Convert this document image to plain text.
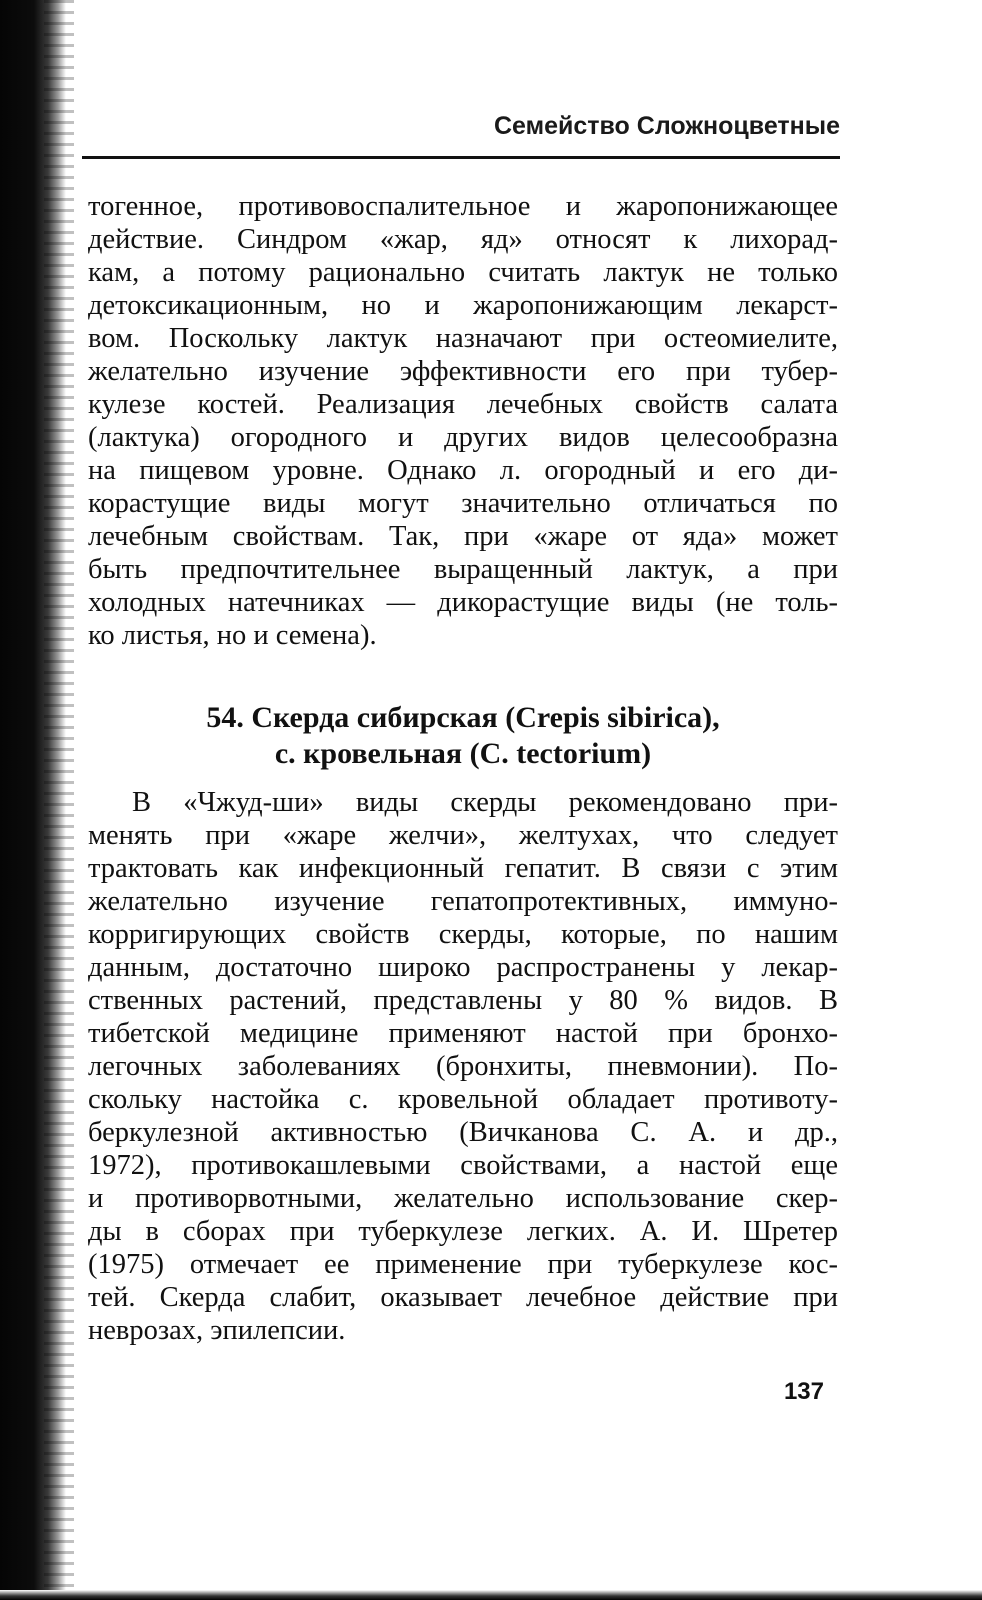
Семейство Сложноцветные
тогенное, противовоспалительное и жаропонижающее
действие. Синдром «жар, яд» относят к лихорад-
кам, а потому рационально считать лактук не только
детоксикационным, но и жаропонижающим лекарст-
вом. Поскольку лактук назначают при остеомиелите,
желательно изучение эффективности его при тубер-
кулезе костей. Реализация лечебных свойств салата
(лактука) огородного и других видов целесообразна
на пищевом уровне. Однако л. огородный и его ди-
корастущие виды могут значительно отличаться по
лечебным свойствам. Так, при «жаре от яда» может
быть предпочтительнее выращенный лактук, а при
холодных натечниках — дикорастущие виды (не толь-
ко листья, но и семена).
54. Скерда сибирская (Crepis sibirica),
с. кровельная (C. tectorium)
В «Чжуд-ши» виды скерды рекомендовано при-
менять при «жаре желчи», желтухах, что следует
трактовать как инфекционный гепатит. В связи с этим
желательно изучение гепатопротективных, иммуно-
корригирующих свойств скерды, которые, по нашим
данным, достаточно широко распространены у лекар-
ственных растений, представлены у 80 % видов. В
тибетской медицине применяют настой при бронхо-
легочных заболеваниях (бронхиты, пневмонии). По-
скольку настойка с. кровельной обладает противоту-
беркулезной активностью (Вичканова С. А. и др.,
1972), противокашлевыми свойствами, а настой еще
и противорвотными, желательно использование скер-
ды в сборах при туберкулезе легких. А. И. Шретер
(1975) отмечает ее применение при туберкулезе кос-
тей. Скерда слабит, оказывает лечебное действие при
неврозах, эпилепсии.
137
